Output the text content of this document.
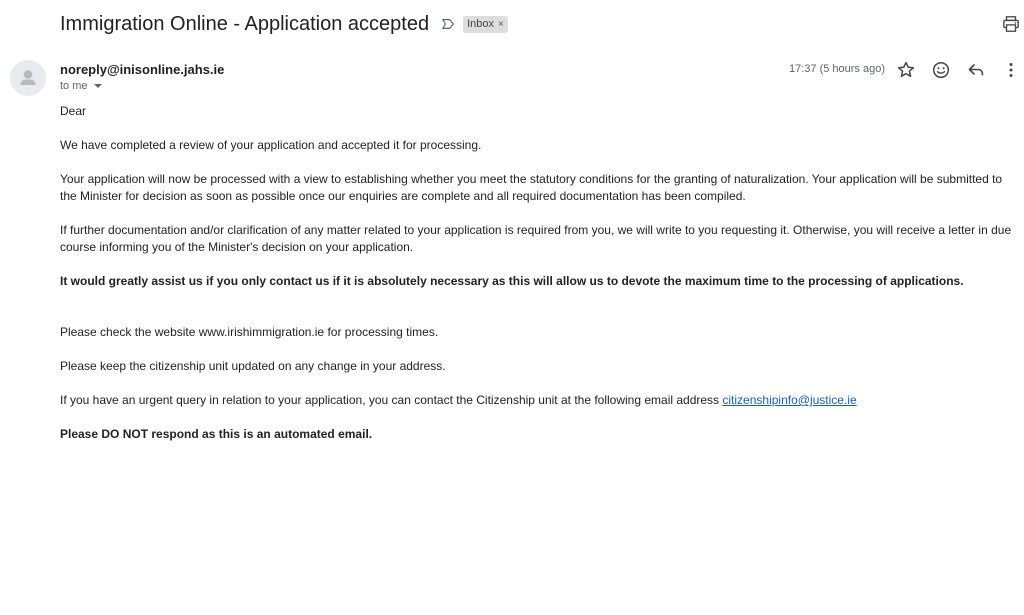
Immigration Online - Application accepted	Inbox ×
noreply@inisonline.jahs.ie
to me
17:37 (5 hours ago)

Dear

We have completed a review of your application and accepted it for processing.

Your application will now be processed with a view to establishing whether you meet the statutory conditions for the granting of naturalization. Your application will be submitted to the Minister for decision as soon as possible once our enquiries are complete and all required documentation has been compiled.

If further documentation and/or clarification of any matter related to your application is required from you, we will write to you requesting it. Otherwise, you will receive a letter in due course informing you of the Minister's decision on your application.

It would greatly assist us if you only contact us if it is absolutely necessary as this will allow us to devote the maximum time to the processing of applications.

Please check the website www.irishimmigration.ie for processing times.

Please keep the citizenship unit updated on any change in your address.

If you have an urgent query in relation to your application, you can contact the Citizenship unit at the following email address citizenshipinfo@justice.ie

Please DO NOT respond as this is an automated email.
